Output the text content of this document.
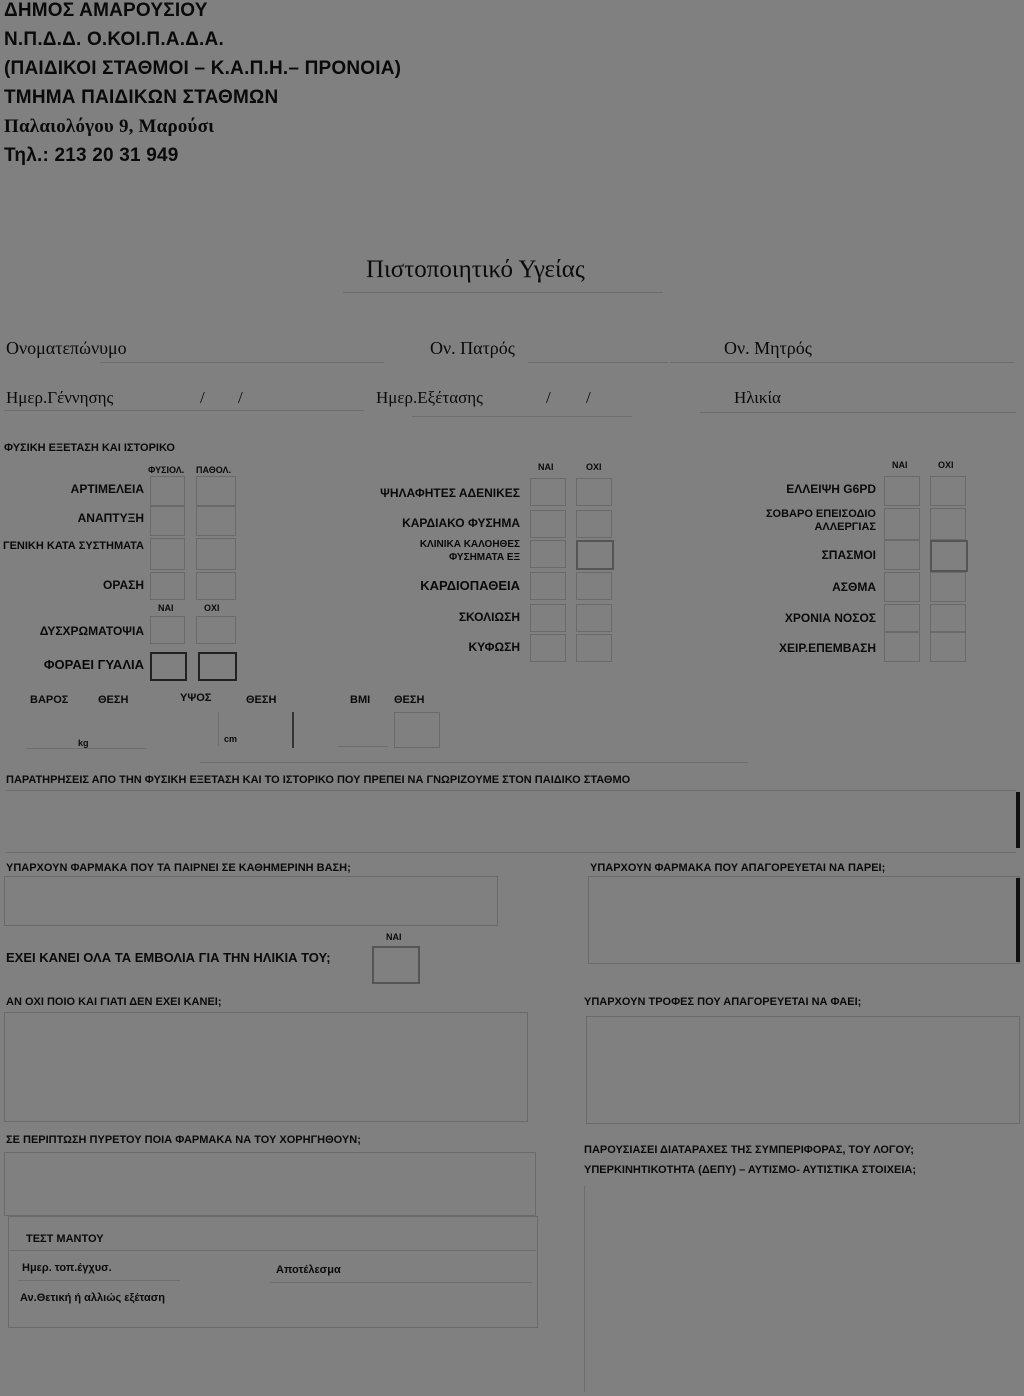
ΔΗΜΟΣ ΑΜΑΡΟΥΣΙΟΥ
Ν.Π.Δ.Δ. Ο.ΚΟΙ.Π.Α.Δ.Α.
(ΠΑΙΔΙΚΟΙ ΣΤΑΘΜΟΙ – Κ.Α.Π.Η.– ΠΡΟΝΟΙΑ)
ΤΜΗΜΑ ΠΑΙΔΙΚΩΝ ΣΤΑΘΜΩΝ
Παλαιολόγου 9, Μαρούσι
Τηλ.: 213 20 31 949
Πιστοποιητικό Υγείας
Ονοματεπώνυμο	Ον. Πατρός	Ον. Μητρός
Ημερ.Γέννησης	/ /	Ημερ.Εξέτασης	/ /	Ηλικία
ΦΥΣΙΚΗ ΕΞΕΤΑΣΗ ΚΑΙ ΙΣΤΟΡΙΚΟ
ΦΥΣΙΟΛ. ΠΑΘΟΛ.
ΑΡΤΙΜΕΛΕΙΑ
ΑΝΑΠΤΥΞΗ
ΓΕΝΙΚΗ ΚΑΤΑ ΣΥΣΤΗΜΑΤΑ
ΟΡΑΣΗ
ΝΑΙ	ΟΧΙ
ΔΥΣΧΡΩΜΑΤΟΨΙΑ
ΦΟΡΑΕΙ ΓΥΑΛΙΑ
ΒΑΡΟΣ	ΘΕΣΗ	ΥΨΟΣ	ΘΕΣΗ	ΒΜΙ ΘΕΣΗ
kg	cm
ΝΑΙ	ΟΧΙ
ΨΗΛΑΦΗΤΕΣ ΑΔΕΝΙΚΕΣ
ΚΑΡΔΙΑΚΟ ΦΥΣΗΜΑ
ΚΛΙΝΙΚΑ ΚΑΛΟΗΘΕΣ ΦΥΣΗΜΑΤΑ ΕΞ
ΚΑΡΔΙΟΠΑΘΕΙΑ
ΣΚΟΛΙΩΣΗ
ΚΥΦΩΣΗ
ΝΑΙ	ΟΧΙ
ΕΛΛΕΙΨΗ G6PD
ΣΟΒΑΡΟ ΕΠΕΙΣΟΔΙΟ ΑΛΛΕΡΓΙΑΣ
ΣΠΑΣΜΟΙ
ΑΣΘΜΑ
ΧΡΟΝΙΑ ΝΟΣΟΣ
ΧΕΙΡ.ΕΠΕΜΒΑΣΗ
ΠΑΡΑΤΗΡΗΣΕΙΣ ΑΠΟ ΤΗΝ ΦΥΣΙΚΗ ΕΞΕΤΑΣΗ ΚΑΙ ΤΟ ΙΣΤΟΡΙΚΟ ΠΟΥ ΠΡΕΠΕΙ ΝΑ ΓΝΩΡΙΖΟΥΜΕ ΣΤΟΝ ΠΑΙΔΙΚΟ ΣΤΑΘΜΟ
ΥΠΑΡΧΟΥΝ ΦΑΡΜΑΚΑ ΠΟΥ ΤΑ ΠΑΙΡΝΕΙ ΣΕ ΚΑΘΗΜΕΡΙΝΗ ΒΑΣΗ;	ΥΠΑΡΧΟΥΝ ΦΑΡΜΑΚΑ ΠΟΥ ΑΠΑΓΟΡΕΥΕΤΑΙ ΝΑ ΠΑΡΕΙ;
ΝΑΙ
ΕΧΕΙ ΚΑΝΕΙ ΟΛΑ ΤΑ ΕΜΒΟΛΙΑ ΓΙΑ ΤΗΝ ΗΛΙΚΙΑ ΤΟΥ;
ΑΝ ΟΧΙ ΠΟΙΟ ΚΑΙ ΓΙΑΤΙ ΔΕΝ ΕΧΕΙ ΚΑΝΕΙ;	ΥΠΑΡΧΟΥΝ ΤΡΟΦΕΣ ΠΟΥ ΑΠΑΓΟΡΕΥΕΤΑΙ ΝΑ ΦΑΕΙ;
ΣΕ ΠΕΡΙΠΤΩΣΗ ΠΥΡΕΤΟΥ ΠΟΙΑ ΦΑΡΜΑΚΑ ΝΑ ΤΟΥ ΧΟΡΗΓΗΘΟΥΝ;
ΠΑΡΟΥΣΙΑΣΕΙ ΔΙΑΤΑΡΑΧΕΣ ΤΗΣ ΣΥΜΠΕΡΙΦΟΡΑΣ, ΤΟΥ ΛΟΓΟΥ;
ΥΠΕΡΚΙΝΗΤΙΚΟΤΗΤΑ (ΔΕΠΥ) – ΑΥΤΙΣΜΟ- ΑΥΤΙΣΤΙΚΑ ΣΤΟΙΧΕΙΑ;
ΤΕΣΤ ΜΑΝΤΟΥ
Ημερ. τοπ.έγχυσ.	Αποτέλεσμα
Αν.Θετική ή αλλιώς εξέταση
